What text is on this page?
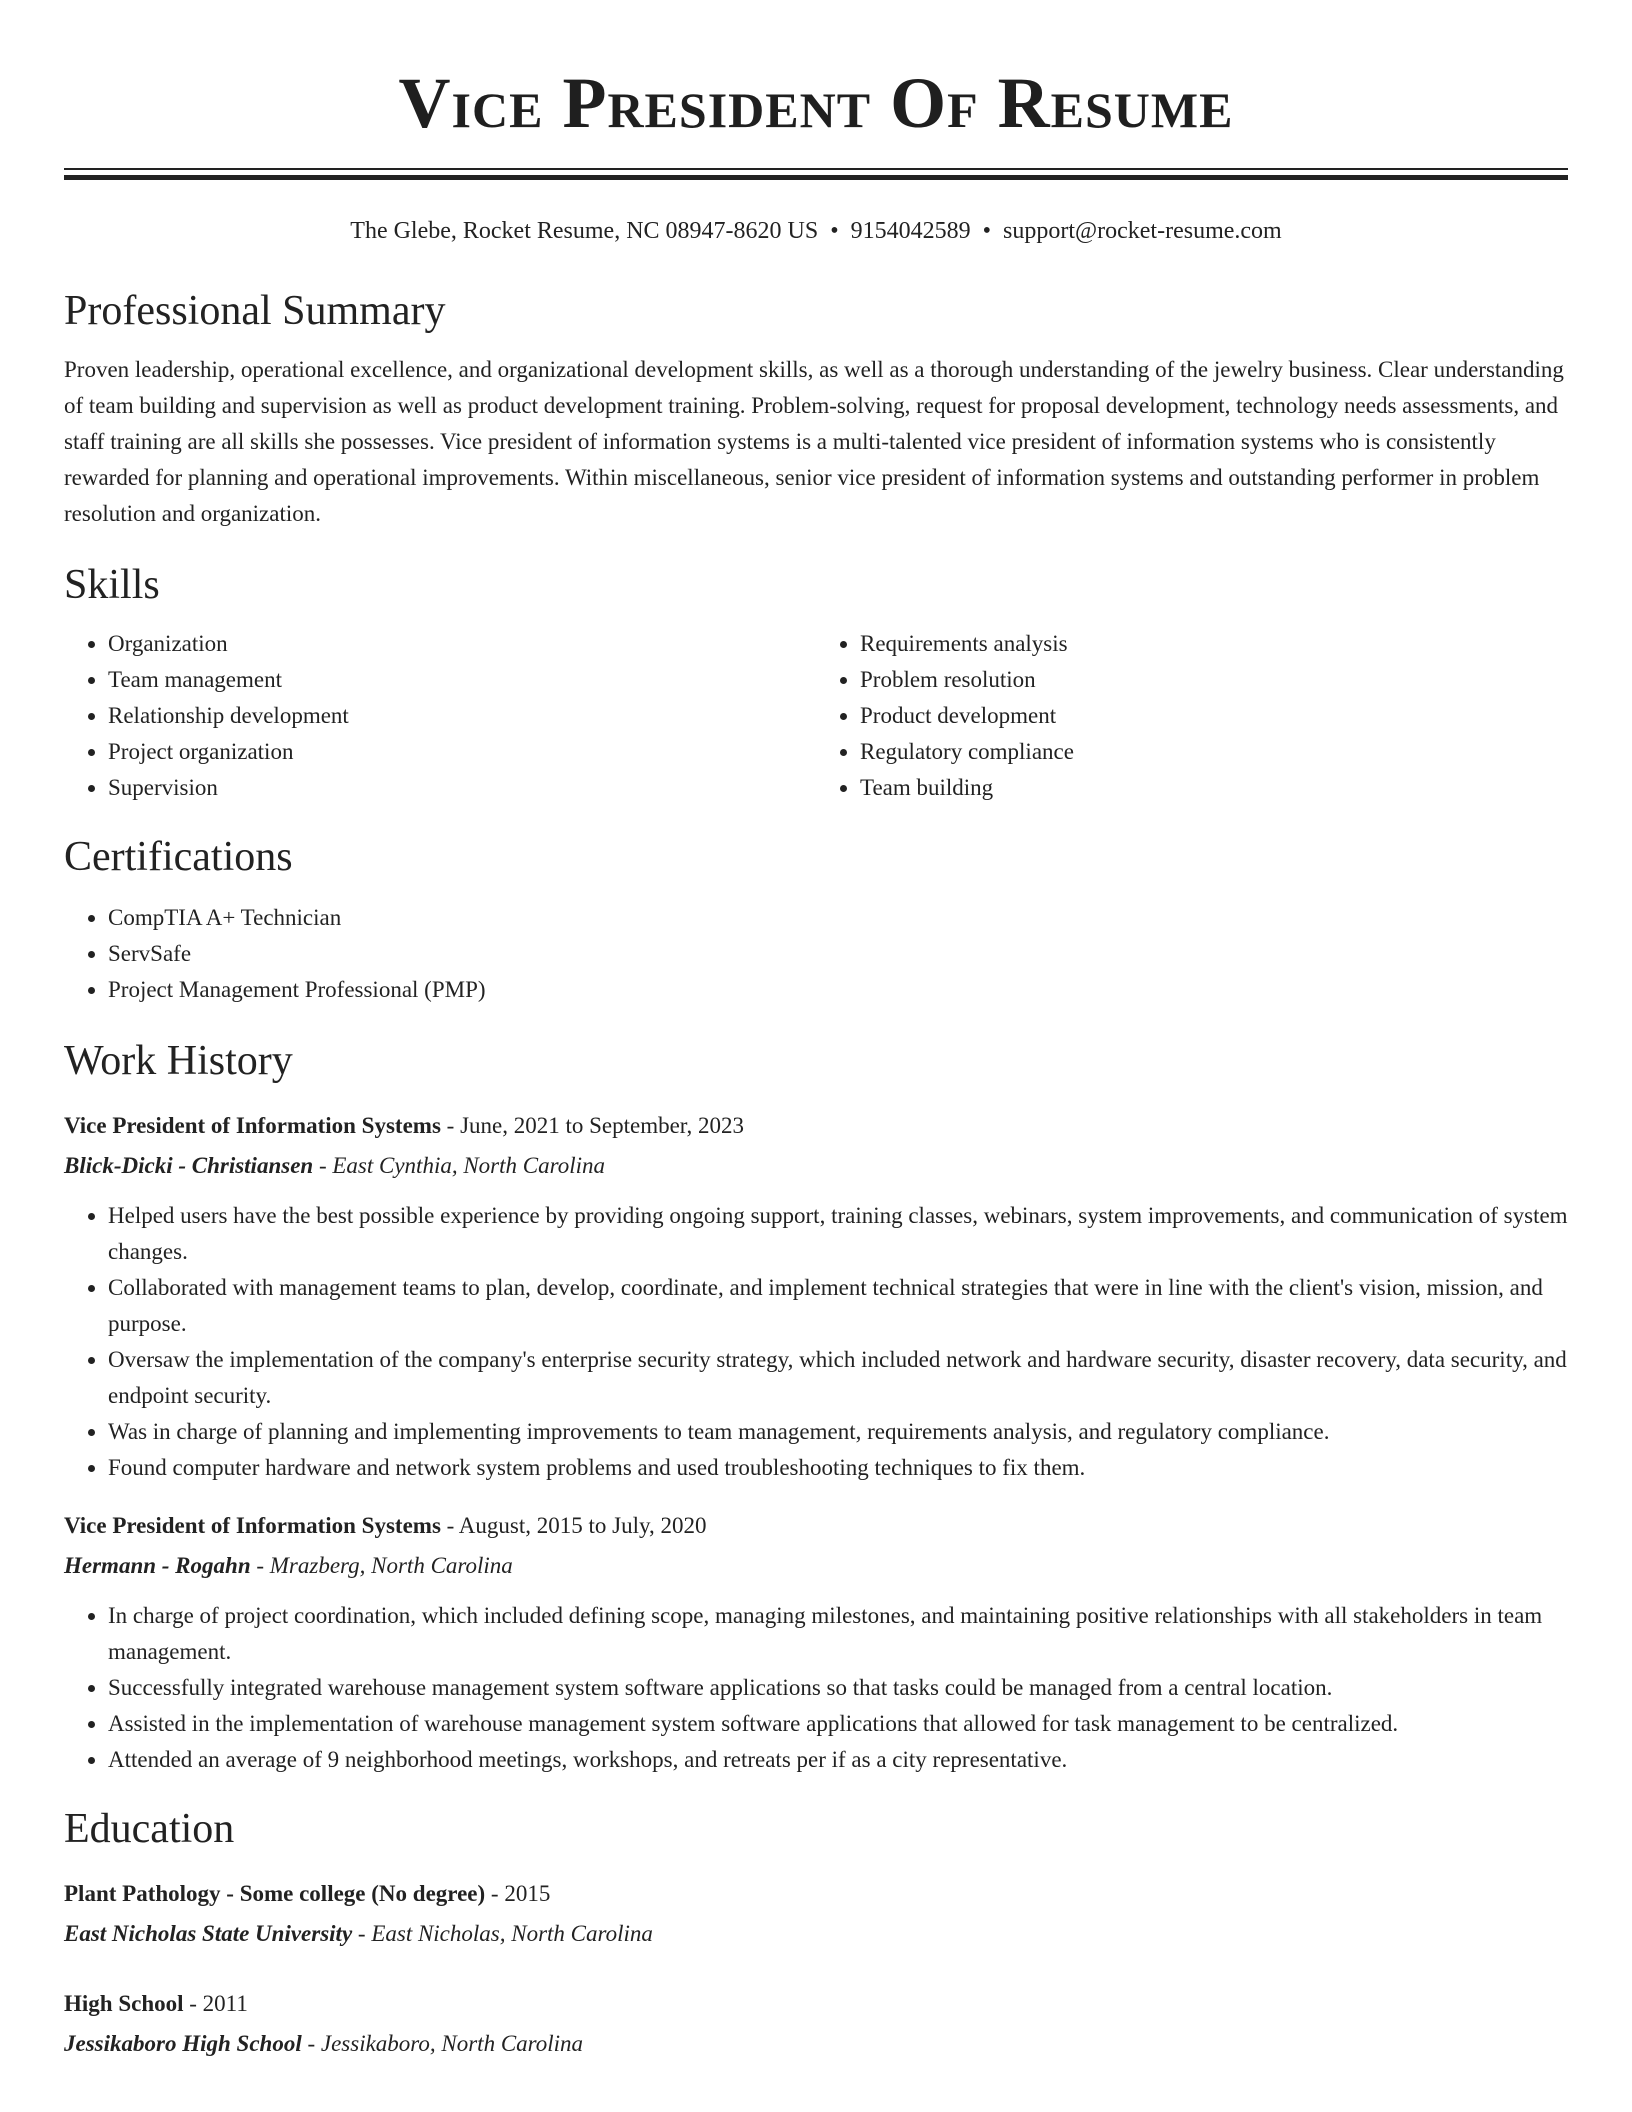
Vice President Of Resume
The Glebe, Rocket Resume, NC 08947-8620 US • 9154042589 • support@rocket-resume.com
Professional Summary

Proven leadership, operational excellence, and organizational development skills, as well as a thorough understanding of the jewelry business. Clear understanding of team building and supervision as well as product development training. Problem-solving, request for proposal development, technology needs assessments, and staff training are all skills she possesses. Vice president of information systems is a multi-talented vice president of information systems who is consistently rewarded for planning and operational improvements. Within miscellaneous, senior vice president of information systems and outstanding performer in problem resolution and organization.

Skills
• Organization
• Team management
• Relationship development
• Project organization
• Supervision
• Requirements analysis
• Problem resolution
• Product development
• Regulatory compliance
• Team building
Certifications
• CompTIA A+ Technician
• ServSafe
• Project Management Professional (PMP)
Work History
Vice President of Information Systems - June, 2021 to September, 2023
Blick-Dicki - Christiansen - East Cynthia, North Carolina
• Helped users have the best possible experience by providing ongoing support, training classes, webinars, system improvements, and communication of system changes.
• Collaborated with management teams to plan, develop, coordinate, and implement technical strategies that were in line with the client's vision, mission, and purpose.
• Oversaw the implementation of the company's enterprise security strategy, which included network and hardware security, disaster recovery, data security, and endpoint security.
• Was in charge of planning and implementing improvements to team management, requirements analysis, and regulatory compliance.
• Found computer hardware and network system problems and used troubleshooting techniques to fix them.
Vice President of Information Systems - August, 2015 to July, 2020
Hermann - Rogahn - Mrazberg, North Carolina
• In charge of project coordination, which included defining scope, managing milestones, and maintaining positive relationships with all stakeholders in team management.
• Successfully integrated warehouse management system software applications so that tasks could be managed from a central location.
• Assisted in the implementation of warehouse management system software applications that allowed for task management to be centralized.
• Attended an average of 9 neighborhood meetings, workshops, and retreats per if as a city representative.
Education
Plant Pathology - Some college (No degree) - 2015
East Nicholas State University - East Nicholas, North Carolina
High School - 2011
Jessikaboro High School - Jessikaboro, North Carolina
